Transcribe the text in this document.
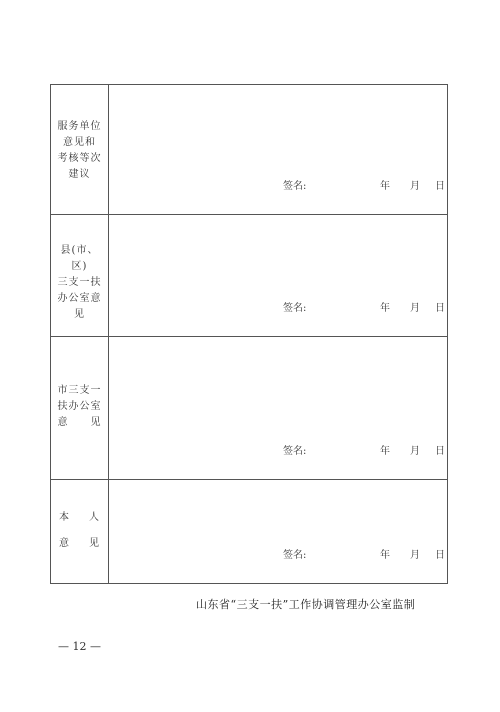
服务单位
意见和
考核等次
建议
签名:	年 月 日
县(市、区)
三支一扶
办公室意
见
签名:	年 月 日
市三支一
扶办公室
意　　见
签名:	年 月 日
本　　人
意　　见
签名:	年 月 日
山东省“三支一扶”工作协调管理办公室监制
— 12 —
